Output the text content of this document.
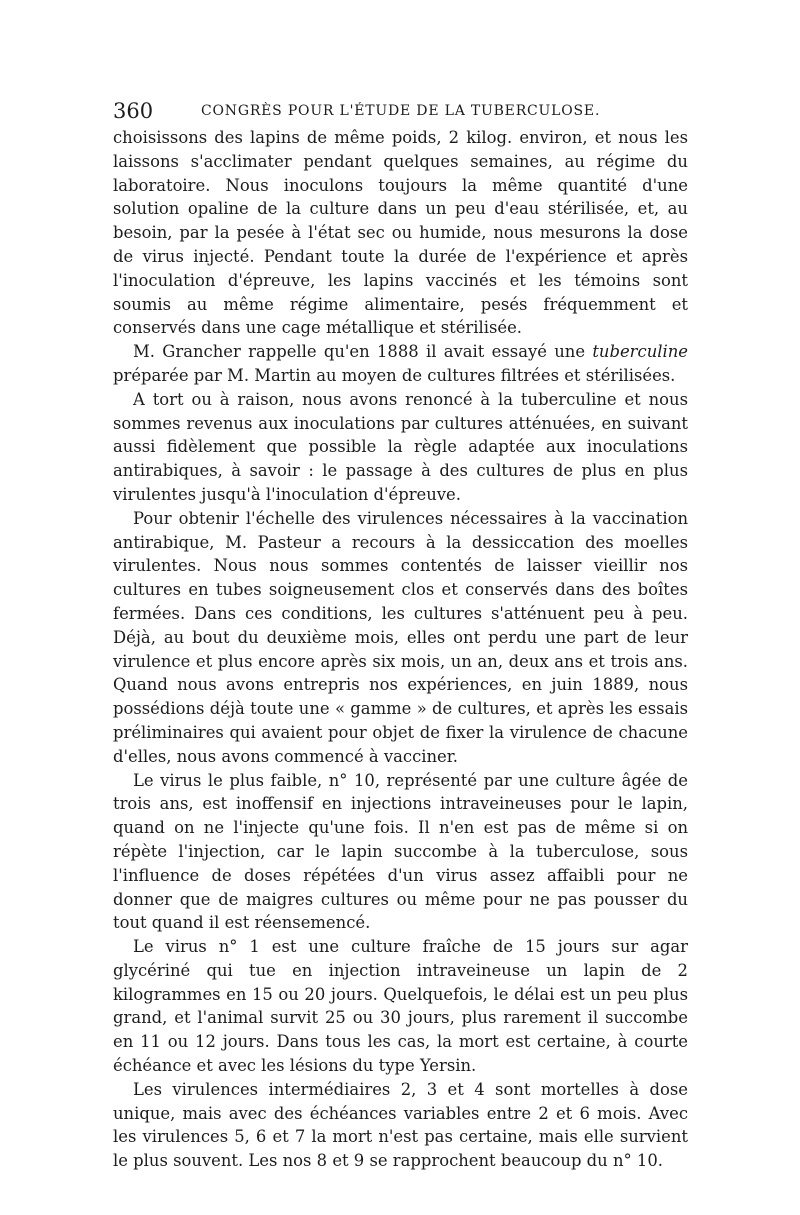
360	CONGRÈS POUR L'ÉTUDE DE LA TUBERCULOSE.

choisissons des lapins de même poids, 2 kilog. environ, et nous les laissons s'acclimater pendant quelques semaines, au régime du laboratoire. Nous inoculons toujours la même quantité d'une solution opaline de la culture dans un peu d'eau stérilisée, et, au besoin, par la pesée à l'état sec ou humide, nous mesurons la dose de virus injecté. Pendant toute la durée de l'expérience et après l'inoculation d'épreuve, les lapins vaccinés et les témoins sont soumis au même régime alimentaire, pesés fréquemment et conservés dans une cage métallique et stérilisée.

M. Grancher rappelle qu'en 1888 il avait essayé une tuberculine préparée par M. Martin au moyen de cultures filtrées et stérilisées.

A tort ou à raison, nous avons renoncé à la tuberculine et nous sommes revenus aux inoculations par cultures atténuées, en suivant aussi fidèlement que possible la règle adaptée aux inoculations antirabiques, à savoir : le passage à des cultures de plus en plus virulentes jusqu'à l'inoculation d'épreuve.

Pour obtenir l'échelle des virulences nécessaires à la vaccination antirabique, M. Pasteur a recours à la dessiccation des moelles virulentes. Nous nous sommes contentés de laisser vieillir nos cultures en tubes soigneusement clos et conservés dans des boîtes fermées. Dans ces conditions, les cultures s'atténuent peu à peu. Déjà, au bout du deuxième mois, elles ont perdu une part de leur virulence et plus encore après six mois, un an, deux ans et trois ans. Quand nous avons entrepris nos expériences, en juin 1889, nous possédions déjà toute une « gamme » de cultures, et après les essais préliminaires qui avaient pour objet de fixer la virulence de chacune d'elles, nous avons commencé à vacciner.

Le virus le plus faible, n° 10, représenté par une culture âgée de trois ans, est inoffensif en injections intraveineuses pour le lapin, quand on ne l'injecte qu'une fois. Il n'en est pas de même si on répète l'injection, car le lapin succombe à la tuberculose, sous l'influence de doses répétées d'un virus assez affaibli pour ne donner que de maigres cultures ou même pour ne pas pousser du tout quand il est réensemencé.

Le virus n° 1 est une culture fraîche de 15 jours sur agar glycériné qui tue en injection intraveineuse un lapin de 2 kilogrammes en 15 ou 20 jours. Quelquefois, le délai est un peu plus grand, et l'animal survit 25 ou 30 jours, plus rarement il succombe en 11 ou 12 jours. Dans tous les cas, la mort est certaine, à courte échéance et avec les lésions du type Yersin.

Les virulences intermédiaires 2, 3 et 4 sont mortelles à dose unique, mais avec des échéances variables entre 2 et 6 mois. Avec les virulences 5, 6 et 7 la mort n'est pas certaine, mais elle survient le plus souvent. Les nos 8 et 9 se rapprochent beaucoup du n° 10.
